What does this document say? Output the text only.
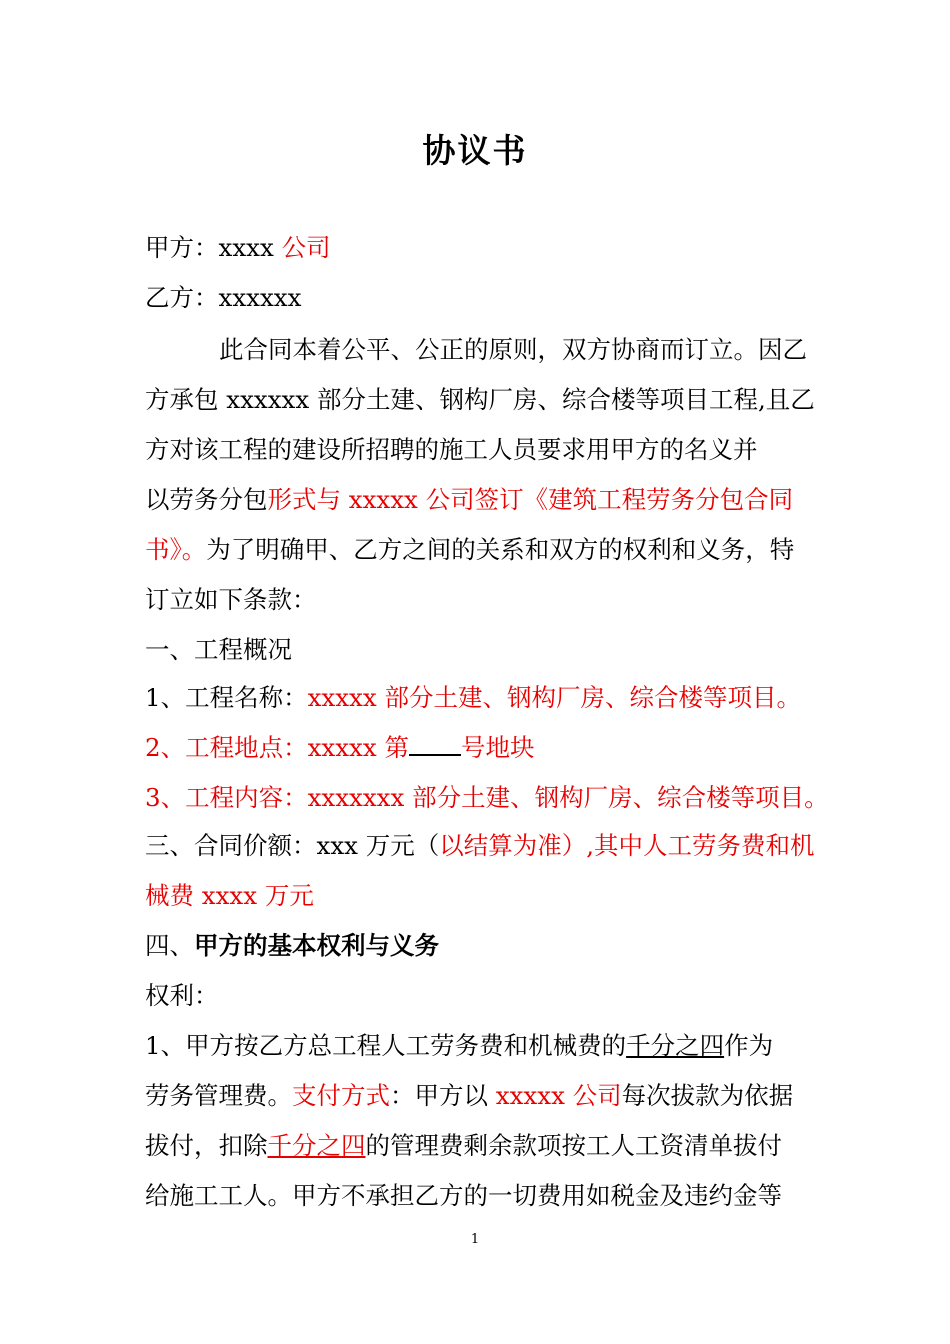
协议书
甲方：xxxx 公司
乙方：xxxxxx
此合同本着公平、公正的原则，双方协商而订立。因乙
方承包 xxxxxx 部分土建、钢构厂房、综合楼等项目工程,且乙
方对该工程的建设所招聘的施工人员要求用甲方的名义并
以劳务分包形式与 xxxxx 公司签订《建筑工程劳务分包合同
书》。为了明确甲、乙方之间的关系和双方的权利和义务，特
订立如下条款：
一、工程概况
1、工程名称：xxxxx 部分土建、钢构厂房、综合楼等项目。
2、工程地点：xxxxx 第 号地块
3、工程内容：xxxxxxx 部分土建、钢构厂房、综合楼等项目。
三、合同价额：xxx 万元（以结算为准）,其中人工劳务费和机
械费 xxxx 万元
四、甲方的基本权利与义务
权利：
1、甲方按乙方总工程人工劳务费和机械费的千分之四作为
劳务管理费。支付方式：甲方以 xxxxx 公司每次拔款为依据
拔付，扣除千分之四的管理费剩余款项按工人工资清单拔付
给施工工人。甲方不承担乙方的一切费用如税金及违约金等
1
